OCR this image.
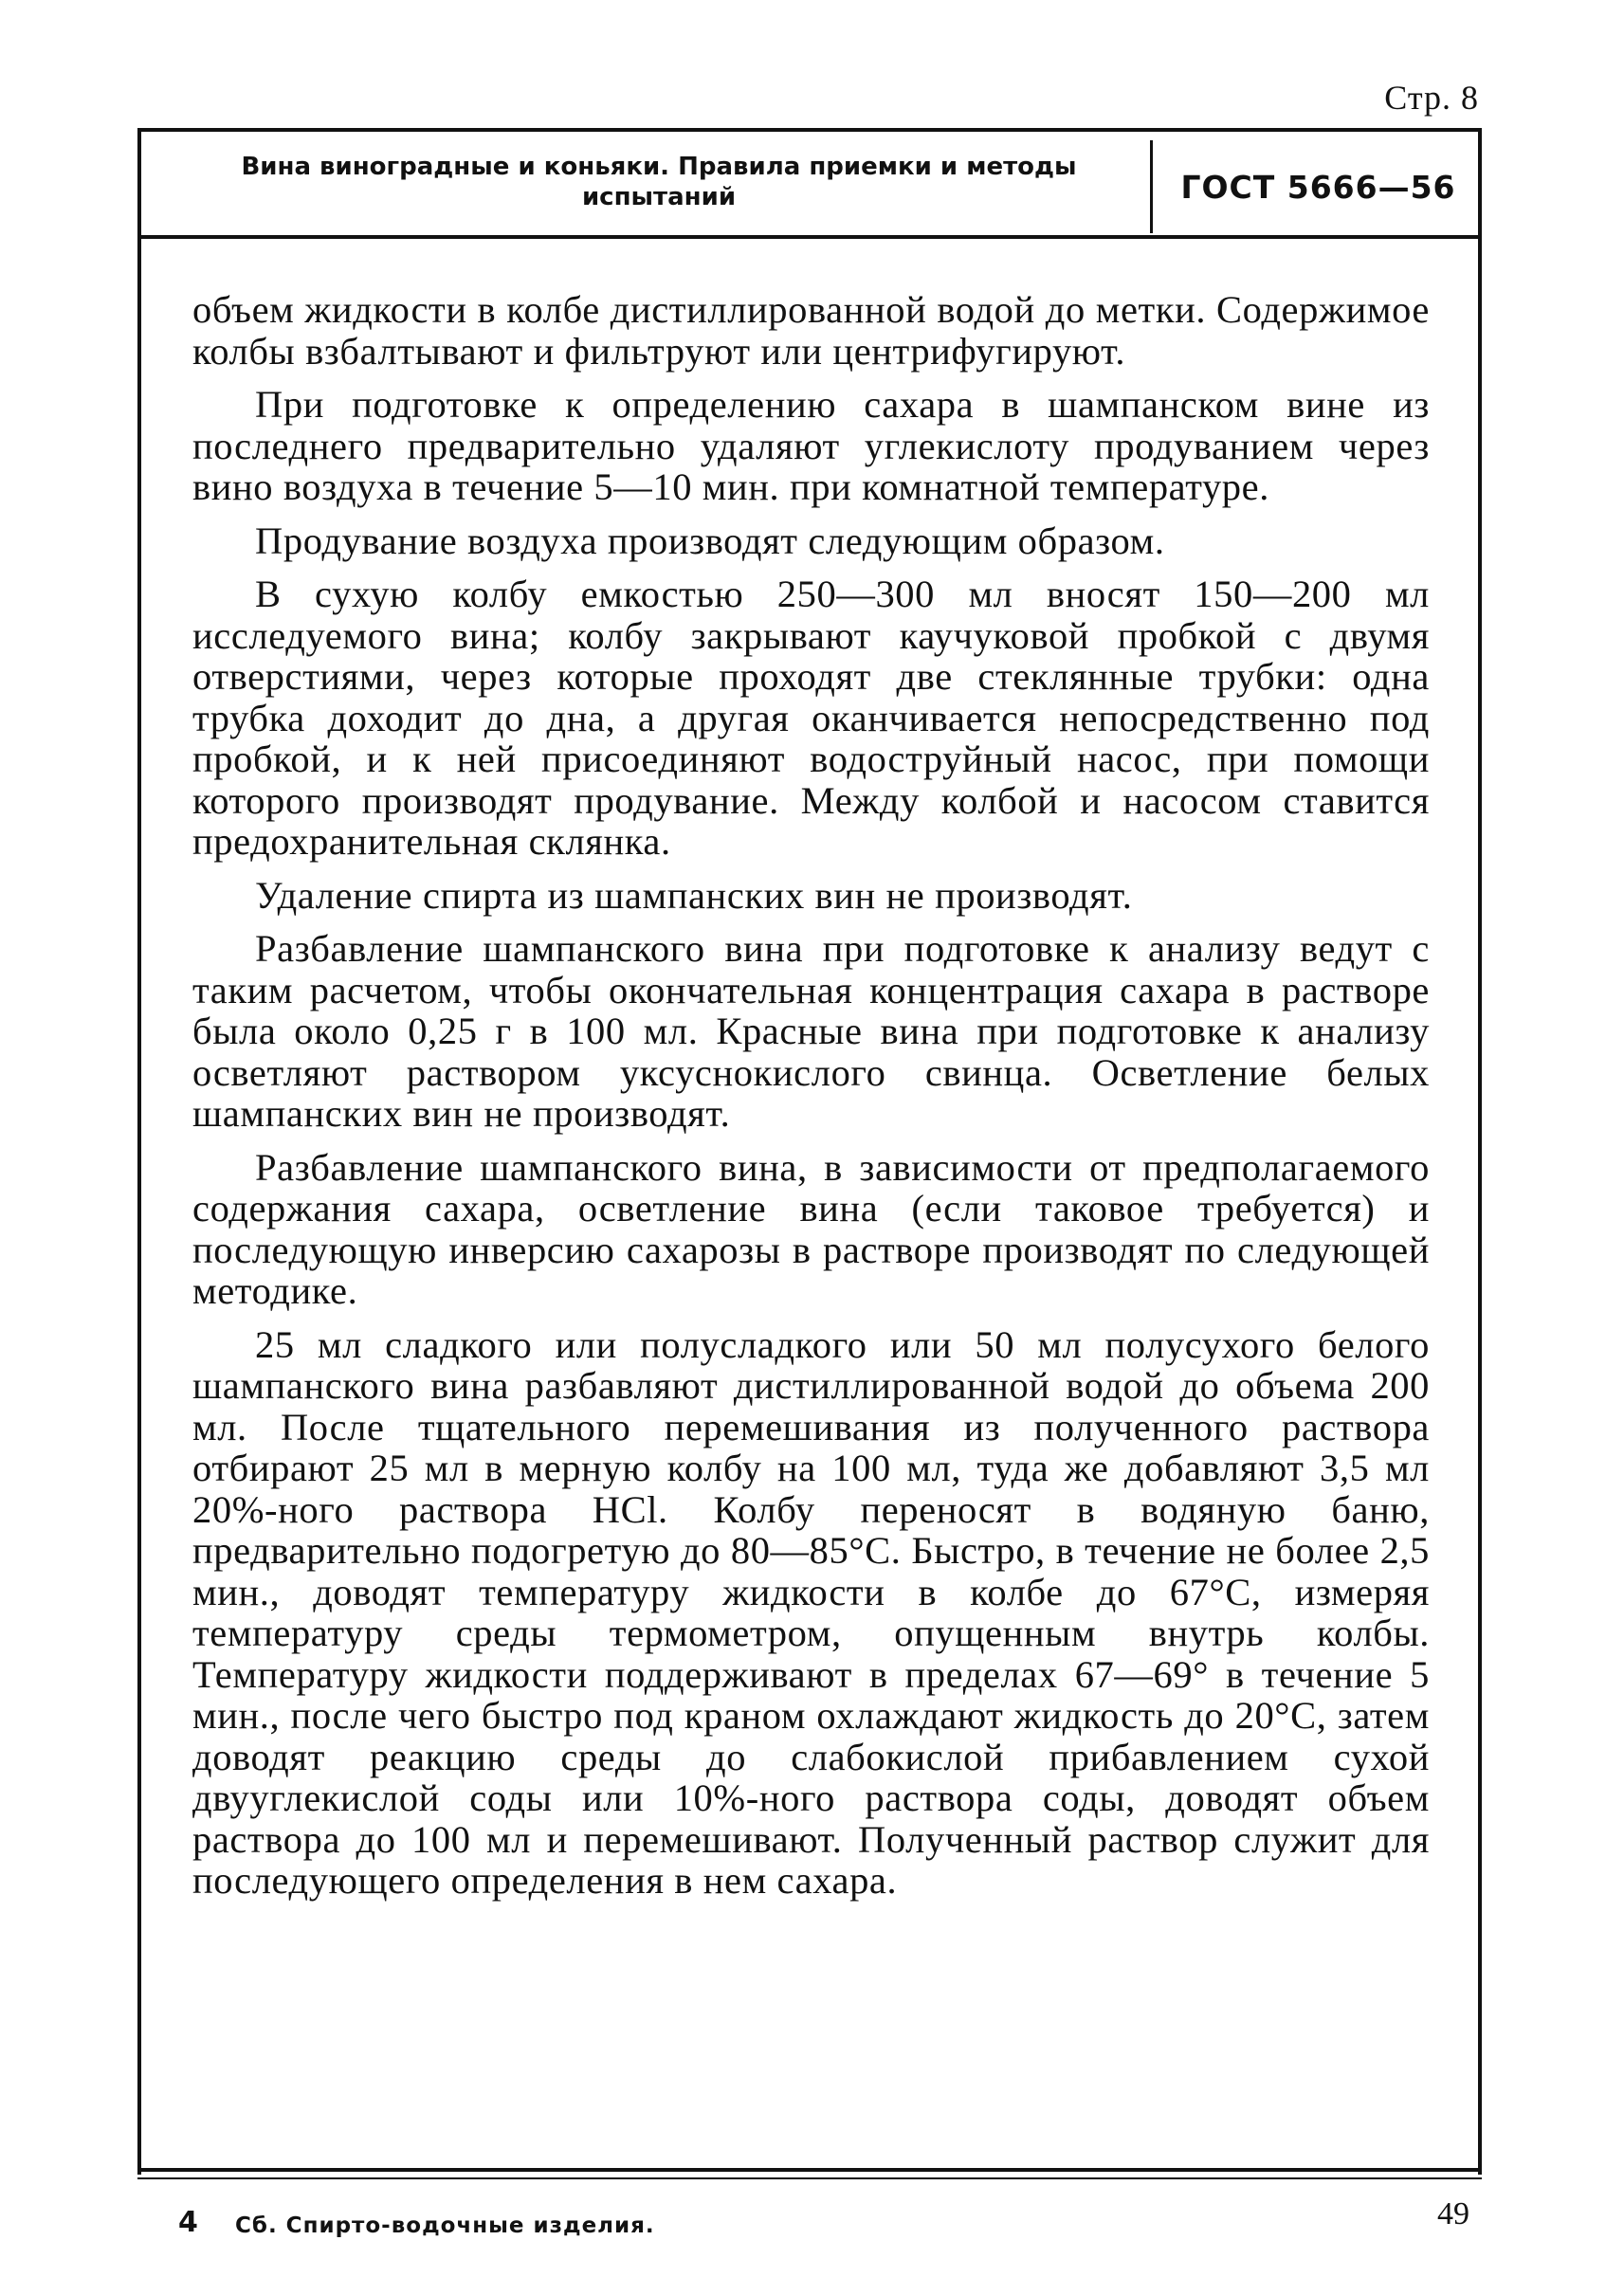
Стр. 8
Вина виноградные и коньяки. Правила приемки и методы испытаний	ГОСТ 5666—56

объем жидкости в колбе дистиллированной водой до метки. Содержимое колбы взбалтывают и фильтруют или центрифугируют.

При подготовке к определению сахара в шампанском вине из последнего предварительно удаляют углекислоту продуванием через вино воздуха в течение 5—10 мин. при комнатной температуре.

Продувание воздуха производят следующим образом.

В сухую колбу емкостью 250—300 мл вносят 150—200 мл исследуемого вина; колбу закрывают каучуковой пробкой с двумя отверстиями, через которые проходят две стеклянные трубки: одна трубка доходит до дна, а другая оканчивается непосредственно под пробкой, и к ней присоединяют водоструйный насос, при помощи которого производят продувание. Между колбой и насосом ставится предохранительная склянка.

Удаление спирта из шампанских вин не производят.

Разбавление шампанского вина при подготовке к анализу ведут с таким расчетом, чтобы окончательная концентрация сахара в растворе была около 0,25 г в 100 мл. Красные вина при подготовке к анализу осветляют раствором уксуснокислого свинца. Осветление белых шампанских вин не производят.

Разбавление шампанского вина, в зависимости от предполагаемого содержания сахара, осветление вина (если таковое требуется) и последующую инверсию сахарозы в растворе производят по следующей методике.

25 мл сладкого или полусладкого или 50 мл полусухого белого шампанского вина разбавляют дистиллированной водой до объема 200 мл. После тщательного перемешивания из полученного раствора отбирают 25 мл в мерную колбу на 100 мл, туда же добавляют 3,5 мл 20%-ного раствора HCl. Колбу переносят в водяную баню, предварительно подогретую до 80—85°С. Быстро, в течение не более 2,5 мин., доводят температуру жидкости в колбе до 67°С, измеряя температуру среды термометром, опущенным внутрь колбы. Температуру жидкости поддерживают в пределах 67—69° в течение 5 мин., после чего быстро под краном охлаждают жидкость до 20°С, затем доводят реакцию среды до слабокислой прибавлением сухой двууглекислой соды или 10%-ного раствора соды, доводят объем раствора до 100 мл и перемешивают. Полученный раствор служит для последующего определения в нем сахара.

4 Сб. Спирто-водочные изделия.	49
